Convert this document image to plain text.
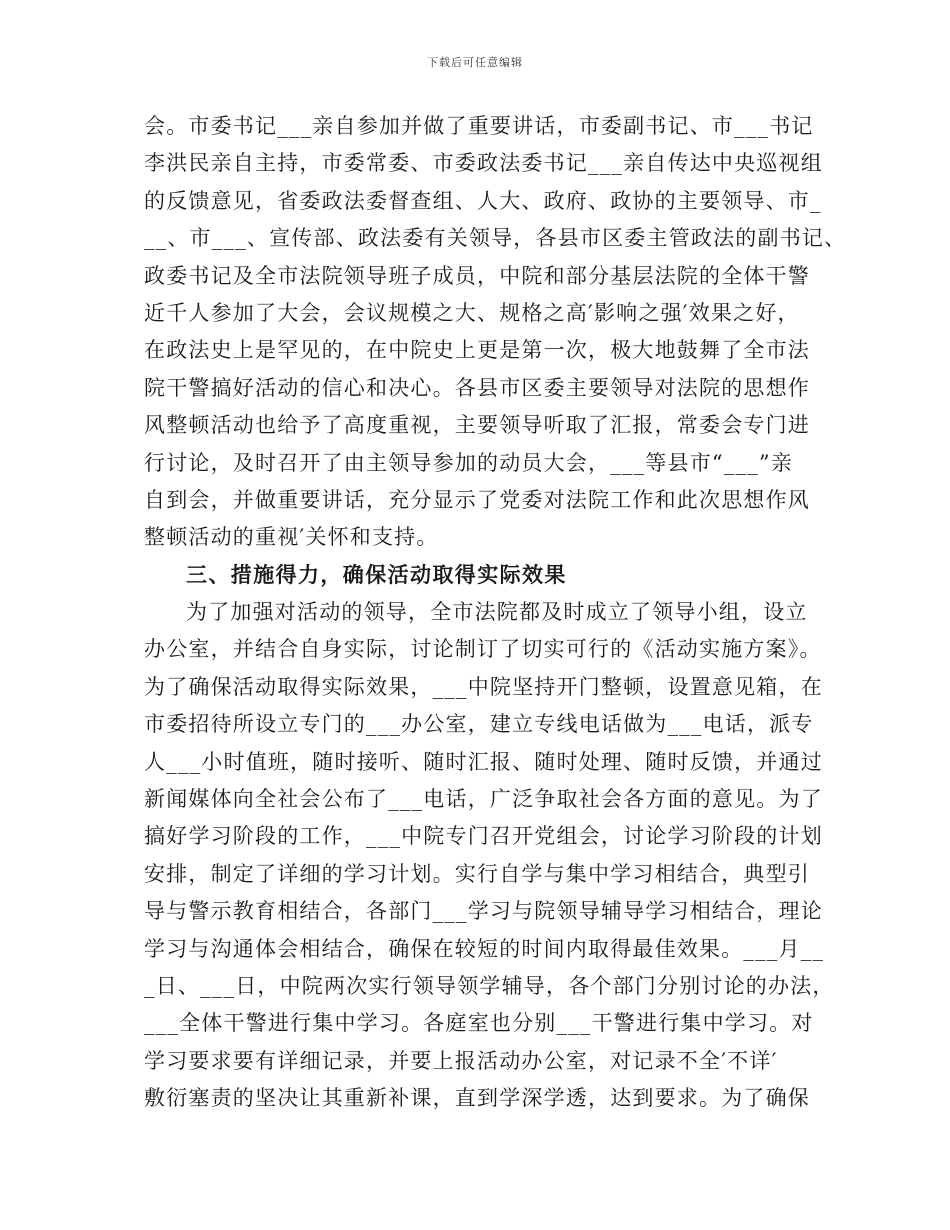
下载后可任意编辑
会。市委书记___亲自参加并做了重要讲话，市委副书记、市___书记
李洪民亲自主持，市委常委、市委政法委书记___亲自传达中央巡视组
的反馈意见，省委政法委督查组、人大、政府、政协的主要领导、市_
__、市___、宣传部、政法委有关领导，各县市区委主管政法的副书记、
政委书记及全市法院领导班子成员，中院和部分基层法院的全体干警
近千人参加了大会，会议规模之大、规格之高′影响之强′效果之好，
在政法史上是罕见的，在中院史上更是第一次，极大地鼓舞了全市法
院干警搞好活动的信心和决心。各县市区委主要领导对法院的思想作
风整顿活动也给予了高度重视，主要领导听取了汇报，常委会专门进
行讨论，及时召开了由主领导参加的动员大会，___等县市“___”亲
自到会，并做重要讲话，充分显示了党委对法院工作和此次思想作风
整顿活动的重视′关怀和支持。
三、措施得力，确保活动取得实际效果
为了加强对活动的领导，全市法院都及时成立了领导小组，设立
办公室，并结合自身实际，讨论制订了切实可行的《活动实施方案》。
为了确保活动取得实际效果，___中院坚持开门整顿，设置意见箱，在
市委招待所设立专门的___办公室，建立专线电话做为___电话，派专
人___小时值班，随时接听、随时汇报、随时处理、随时反馈，并通过
新闻媒体向全社会公布了___电话，广泛争取社会各方面的意见。为了
搞好学习阶段的工作，___中院专门召开党组会，讨论学习阶段的计划
安排，制定了详细的学习计划。实行自学与集中学习相结合，典型引
导与警示教育相结合，各部门___学习与院领导辅导学习相结合，理论
学习与沟通体会相结合，确保在较短的时间内取得最佳效果。___月__
_日、___日，中院两次实行领导领学辅导，各个部门分别讨论的办法，
___全体干警进行集中学习。各庭室也分别___干警进行集中学习。对
学习要求要有详细记录，并要上报活动办公室，对记录不全′不详′
敷衍塞责的坚决让其重新补课，直到学深学透，达到要求。为了确保
